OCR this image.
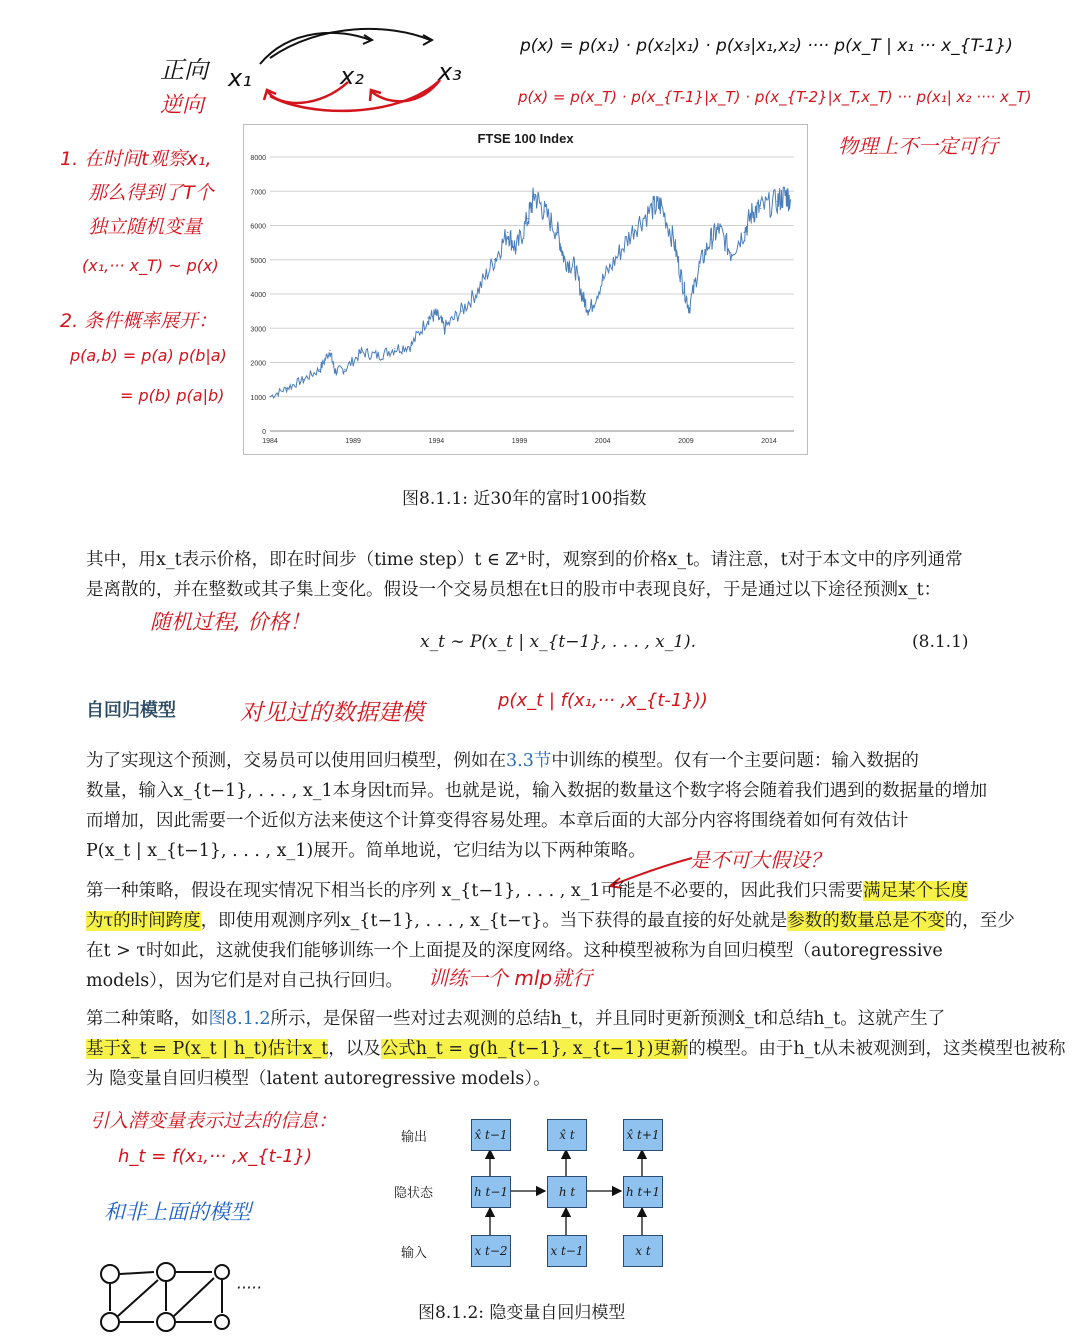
正向
逆向
x₁	x₂	x₃
p(x) = p(x₁) · p(x₂|x₁) · p(x₃|x₁,x₂) ···· p(x_T | x₁ ··· x_{T-1})
p(x) = p(x_T) · p(x_{T-1}|x_T) · p(x_{T-2}|x_T,x_T) ··· p(x₁| x₂ ···· x_T)
物理上不一定可行
1. 在时间t观察x₁,
那么得到了T个
独立随机变量
(x₁,··· x_T) ~ p(x)
2. 条件概率展开：
p(a,b) = p(a) p(b|a)
= p(b) p(a|b)
FTSE 100 Index
0
1000
2000
3000
4000
5000
6000
7000
8000
1984	1989	1994	1999	2004	2009	2014
图8.1.1: 近30年的富时100指数
其中，用x_t表示价格，即在时间步（time step）t ∈ ℤ⁺时，观察到的价格x_t。请注意，t对于本文中的序列通常
是离散的，并在整数或其子集上变化。假设一个交易员想在t日的股市中表现良好，于是通过以下途径预测x_t：
随机过程, 价格！
x_t ∼ P(x_t | x_{t−1}, . . . , x_1).	(8.1.1)
自回归模型	对见过的数据建模	p(x_t | f(x₁,··· ,x_{t-1}))
为了实现这个预测，交易员可以使用回归模型，例如在3.3节中训练的模型。仅有一个主要问题：输入数据的
数量，输入x_{t−1}, . . . , x_1本身因t而异。也就是说，输入数据的数量这个数字将会随着我们遇到的数据量的增加
而增加，因此需要一个近似方法来使这个计算变得容易处理。本章后面的大部分内容将围绕着如何有效估计
P(x_t | x_{t−1}, . . . , x_1)展开。简单地说，它归结为以下两种策略。	是不可大假设？
第一种策略，假设在现实情况下相当长的序列 x_{t−1}, . . . , x_1可能是不必要的，因此我们只需要满足某个长度
为τ的时间跨度，即使用观测序列x_{t−1}, . . . , x_{t−τ}。当下获得的最直接的好处就是参数的数量总是不变的，至少
在t > τ时如此，这就使我们能够训练一个上面提及的深度网络。这种模型被称为自回归模型（autoregressive
models），因为它们是对自己执行回归。	训练一个 mlp就行
第二种策略，如图8.1.2所示，是保留一些对过去观测的总结h_t，并且同时更新预测x̂_t和总结h_t。这就产生了
基于x̂_t = P(x_t | h_t)估计x_t，以及公式h_t = g(h_{t−1}, x_{t−1})更新的模型。由于h_t从未被观测到，这类模型也被称
为 隐变量自回归模型（latent autoregressive models）。
引入潜变量表示过去的信息：
h_t = f(x₁,··· ,x_{t-1})
和非上面的模型
·····
输出
隐状态
输入
x̂ t−1	x̂ t	x̂ t+1
h t−1	h t	h t+1
x t−2	x t−1	x t
图8.1.2: 隐变量自回归模型
